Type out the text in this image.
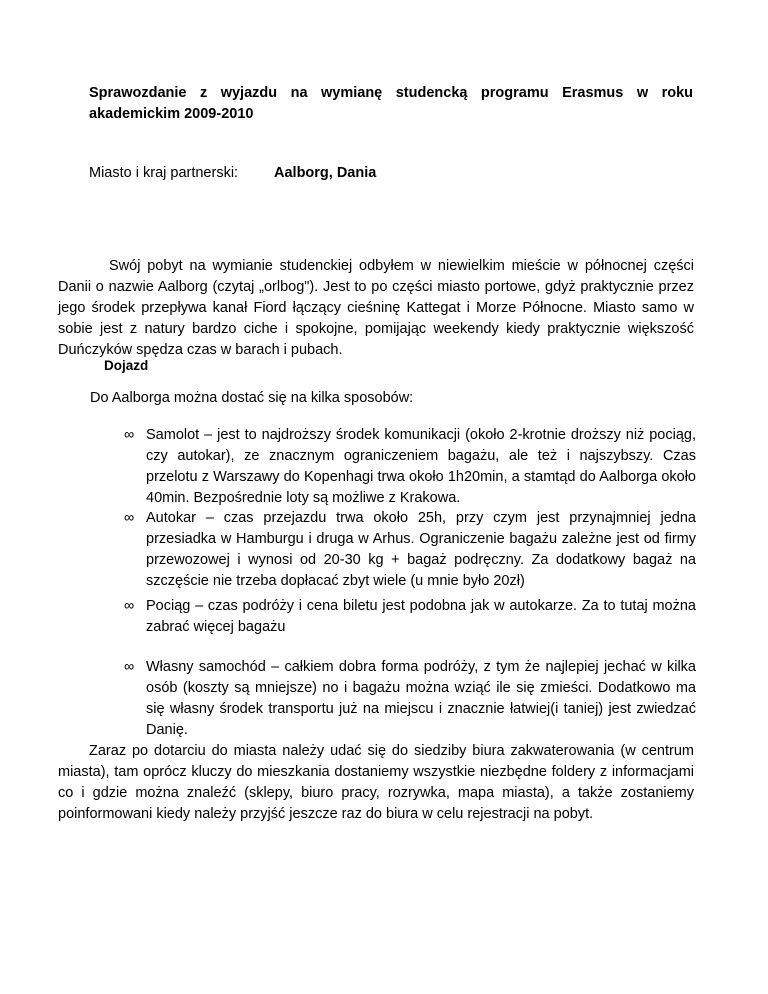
Sprawozdanie z wyjazdu na wymianę studencką programu Erasmus w roku akademickim 2009-2010
Miasto i kraj partnerski:	Aalborg, Dania
Swój pobyt na wymianie studenckiej odbyłem w niewielkim mieście w północnej części Danii o nazwie Aalborg (czytaj „orlbog"). Jest to po części miasto portowe, gdyż praktycznie przez jego środek przepływa kanał Fiord łączący cieśninę Kattegat i Morze Północne. Miasto samo w sobie jest z natury bardzo ciche i spokojne, pomijając weekendy kiedy praktycznie większość Duńczyków spędza czas w barach i pubach.
Dojazd
Do Aalborga można dostać się na kilka sposobów:
∞ Samolot – jest to najdroższy środek komunikacji (około 2-krotnie droższy niż pociąg, czy autokar), ze znacznym ograniczeniem bagażu, ale też i najszybszy. Czas przelotu z Warszawy do Kopenhagi trwa około 1h20min, a stamtąd do Aalborga około 40min. Bezpośrednie loty są możliwe z Krakowa.
∞ Autokar – czas przejazdu trwa około 25h, przy czym jest przynajmniej jedna przesiadka w Hamburgu i druga w Arhus. Ograniczenie bagażu zależne jest od firmy przewozowej i wynosi od 20-30 kg + bagaż podręczny. Za dodatkowy bagaż na szczęście nie trzeba dopłacać zbyt wiele (u mnie było 20zł)
∞ Pociąg – czas podróży i cena biletu jest podobna jak w autokarze. Za to tutaj można zabrać więcej bagażu
∞ Własny samochód – całkiem dobra forma podróży, z tym że najlepiej jechać w kilka osób (koszty są mniejsze) no i bagażu można wziąć ile się zmieści. Dodatkowo ma się własny środek transportu już na miejscu i znacznie łatwiej(i taniej) jest zwiedzać Danię.
Zaraz po dotarciu do miasta należy udać się do siedziby biura zakwaterowania (w centrum miasta), tam oprócz kluczy do mieszkania dostaniemy wszystkie niezbędne foldery z informacjami co i gdzie można znaleźć (sklepy, biuro pracy, rozrywka, mapa miasta), a także zostaniemy poinformowani kiedy należy przyjść jeszcze raz do biura w celu rejestracji na pobyt.
